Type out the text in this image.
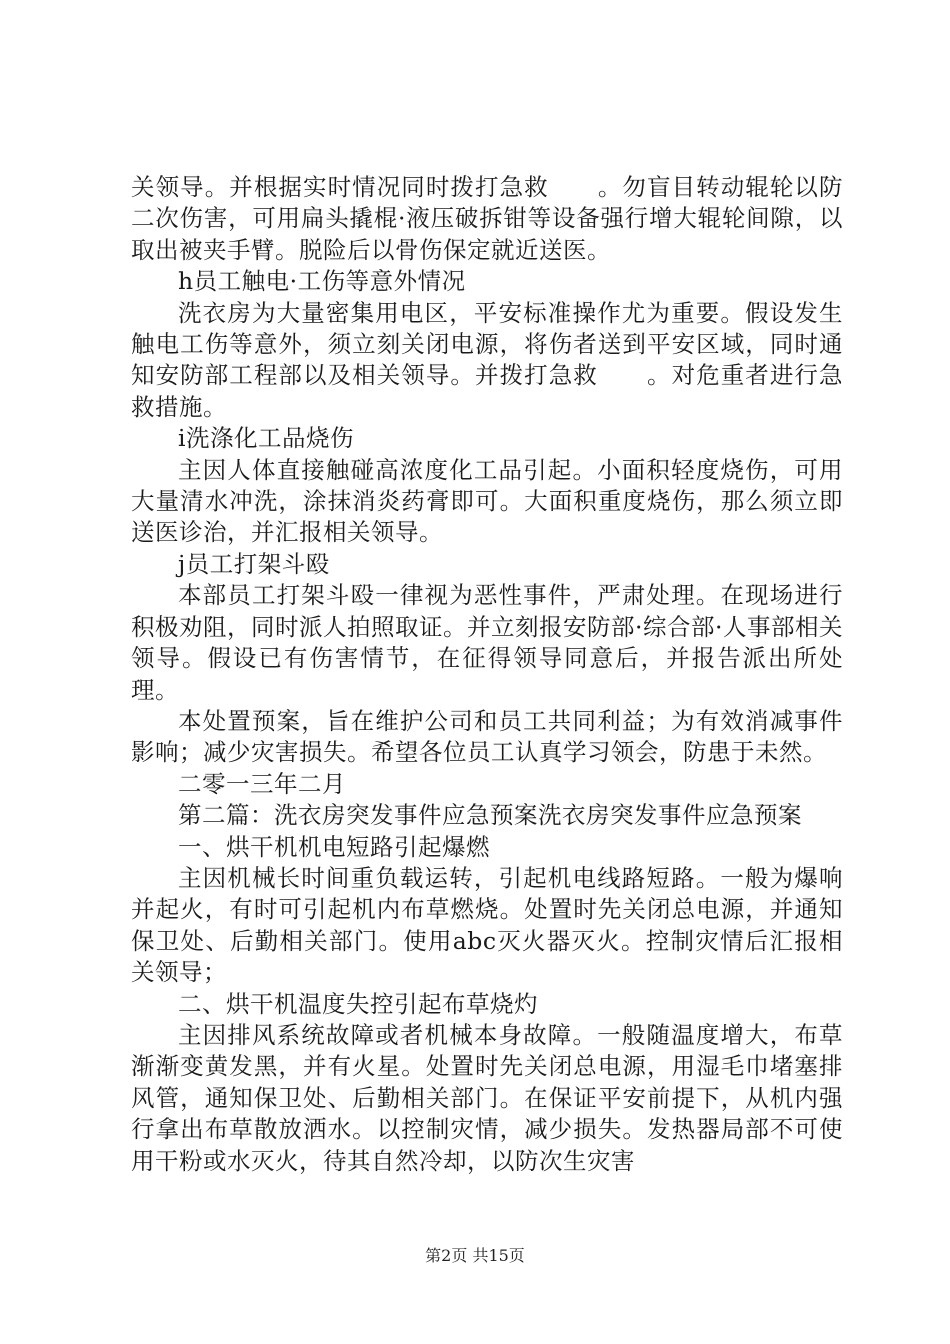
关领导。并根据实时情况同时拨打急救　　。勿盲目转动辊轮以防二次伤害，可用扁头撬棍·液压破拆钳等设备强行增大辊轮间隙，以取出被夹手臂。脱险后以骨伤保定就近送医。

h员工触电·工伤等意外情况

洗衣房为大量密集用电区，平安标准操作尤为重要。假设发生触电工伤等意外，须立刻关闭电源，将伤者送到平安区域，同时通知安防部工程部以及相关领导。并拨打急救　　。对危重者进行急救措施。

i洗涤化工品烧伤

主因人体直接触碰高浓度化工品引起。小面积轻度烧伤，可用大量清水冲洗，涂抹消炎药膏即可。大面积重度烧伤，那么须立即送医诊治，并汇报相关领导。

j员工打架斗殴

本部员工打架斗殴一律视为恶性事件，严肃处理。在现场进行积极劝阻，同时派人拍照取证。并立刻报安防部·综合部·人事部相关领导。假设已有伤害情节，在征得领导同意后，并报告派出所处理。

本处置预案，旨在维护公司和员工共同利益；为有效消减事件影响；减少灾害损失。希望各位员工认真学习领会，防患于未然。

二零一三年二月

第二篇：洗衣房突发事件应急预案洗衣房突发事件应急预案

一、烘干机机电短路引起爆燃

主因机械长时间重负载运转，引起机电线路短路。一般为爆响并起火，有时可引起机内布草燃烧。处置时先关闭总电源，并通知保卫处、后勤相关部门。使用abc灭火器灭火。控制灾情后汇报相关领导；

二、烘干机温度失控引起布草烧灼

主因排风系统故障或者机械本身故障。一般随温度增大，布草渐渐变黄发黑，并有火星。处置时先关闭总电源，用湿毛巾堵塞排风管，通知保卫处、后勤相关部门。在保证平安前提下，从机内强行拿出布草散放洒水。以控制灾情，减少损失。发热器局部不可使用干粉或水灭火，待其自然冷却，以防次生灾害

第2页 共15页
